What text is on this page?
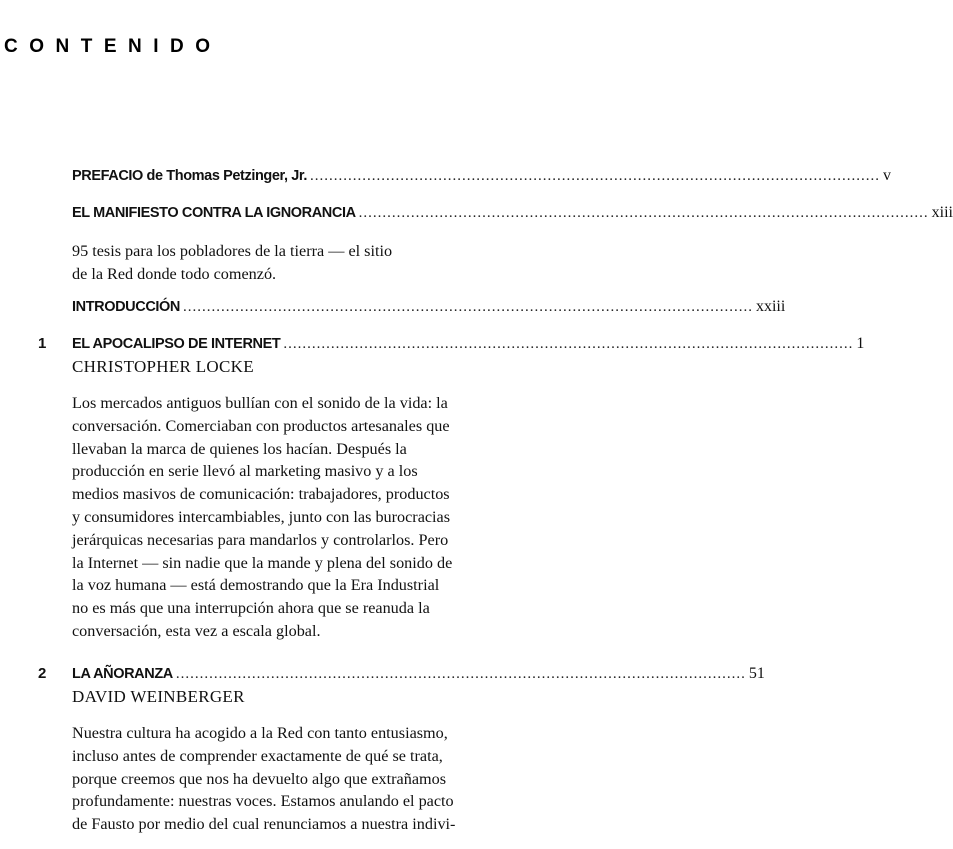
CONTENIDO
PREFACIO de Thomas Petzinger, Jr. ........................................................................................................................ v
EL MANIFIESTO CONTRA LA IGNORANCIA ........................................................................................................................ xiii

95 tesis para los pobladores de la tierra — el sitio
de la Red donde todo comenzó.

INTRODUCCIÓN ........................................................................................................................ xxiii
1 EL APOCALIPSO DE INTERNET ........................................................................................................................ 1
CHRISTOPHER LOCKE

Los mercados antiguos bullían con el sonido de la vida: la
conversación. Comerciaban con productos artesanales que
llevaban la marca de quienes los hacían. Después la
producción en serie llevó al marketing masivo y a los
medios masivos de comunicación: trabajadores, productos
y consumidores intercambiables, junto con las burocracias
jerárquicas necesarias para mandarlos y controlarlos. Pero
la Internet — sin nadie que la mande y plena del sonido de
la voz humana — está demostrando que la Era Industrial
no es más que una interrupción ahora que se reanuda la
conversación, esta vez a escala global.

2 LA AÑORANZA ........................................................................................................................ 51
DAVID WEINBERGER

Nuestra cultura ha acogido a la Red con tanto entusiasmo,
incluso antes de comprender exactamente de qué se trata,
porque creemos que nos ha devuelto algo que extrañamos
profundamente: nuestras voces. Estamos anulando el pacto
de Fausto por medio del cual renunciamos a nuestra indivi-
